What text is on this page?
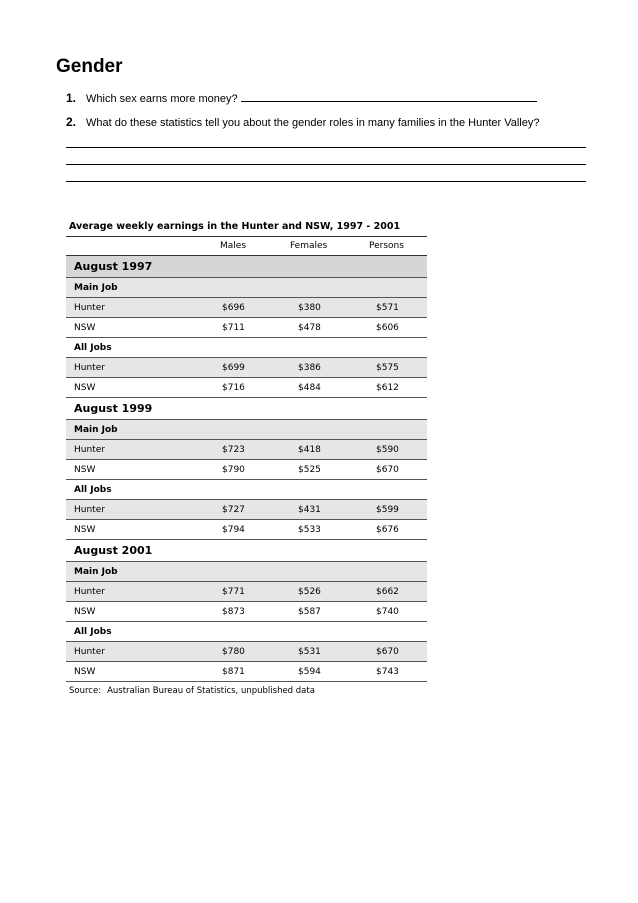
Gender
1. Which sex earns more money?
2. What do these statistics tell you about the gender roles in many families in the Hunter Valley?
Average weekly earnings in the Hunter and NSW, 1997 - 2001
Males	Females	Persons
August 1997
Main Job
Hunter	$696	$380	$571
NSW	$711	$478	$606
All Jobs
Hunter	$699	$386	$575
NSW	$716	$484	$612
August 1999
Main Job
Hunter	$723	$418	$590
NSW	$790	$525	$670
All Jobs
Hunter	$727	$431	$599
NSW	$794	$533	$676
August 2001
Main Job
Hunter	$771	$526	$662
NSW	$873	$587	$740
All Jobs
Hunter	$780	$531	$670
NSW	$871	$594	$743
Source: Australian Bureau of Statistics, unpublished data
